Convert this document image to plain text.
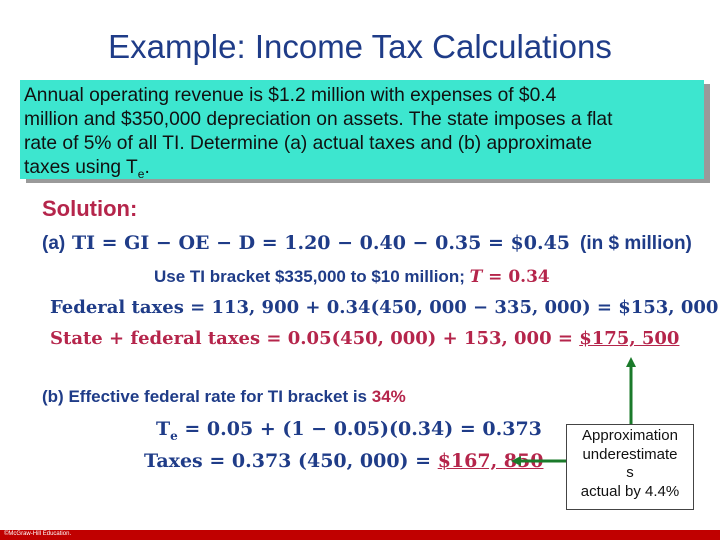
Example: Income Tax Calculations
Annual operating revenue is $1.2 million with expenses of $0.4
million and $350,000 depreciation on assets. The state imposes a flat
rate of 5% of all TI. Determine (a) actual taxes and (b) approximate
taxes using $T_e$.
Solution:
(a) TI = GI − OE − D = 1.20 − 0.40 − 0.35 = $0.45 (in $ million)
Use TI bracket $335,000 to $10 million; T = 0.34
Federal taxes = 113, 900 + 0.34(450, 000 − 335, 000) = $153, 000
State + federal taxes = 0.05(450, 000) + 153, 000 = $175, 500
(b) Effective federal rate for TI bracket is 34%
$T_e = 0.05 + (1 - 0.05)(0.34) = 0.373$
Taxes = 0.373 (450, 000) = $167, 850
Approximation
underestimate
s
actual by 4.4%
©McGraw-Hill Education.
